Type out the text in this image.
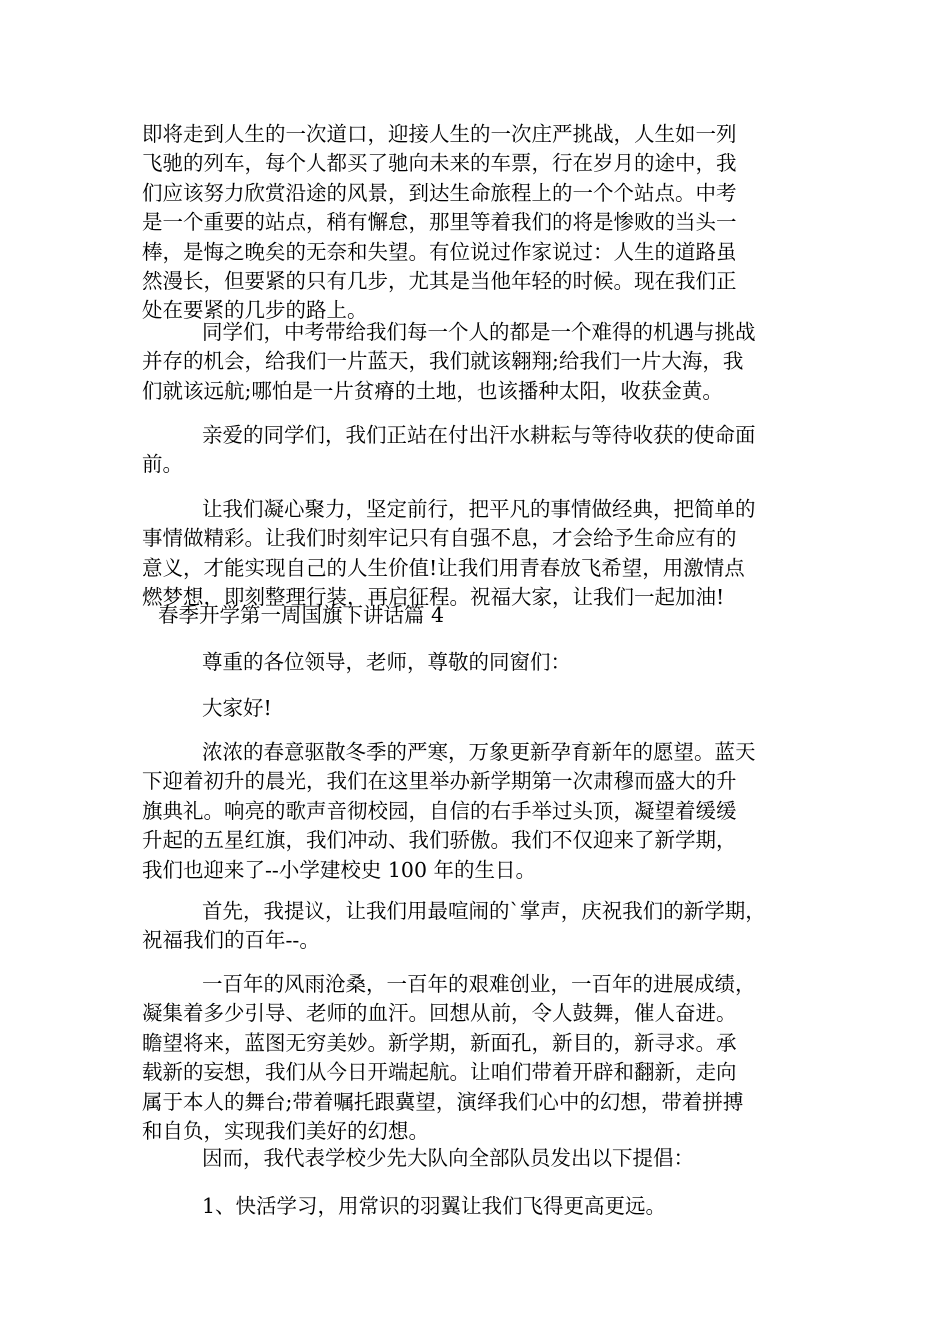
即将走到人生的一次道口，迎接人生的一次庄严挑战，人生如一列
飞驰的列车，每个人都买了驰向未来的车票，行在岁月的途中，我
们应该努力欣赏沿途的风景，到达生命旅程上的一个个站点。中考
是一个重要的站点，稍有懈怠，那里等着我们的将是惨败的当头一
棒，是悔之晚矣的无奈和失望。有位说过作家说过：人生的道路虽
然漫长，但要紧的只有几步，尤其是当他年轻的时候。现在我们正
处在要紧的几步的路上。
同学们，中考带给我们每一个人的都是一个难得的机遇与挑战
并存的机会，给我们一片蓝天，我们就该翱翔;给我们一片大海，我
们就该远航;哪怕是一片贫瘠的土地，也该播种太阳，收获金黄。
亲爱的同学们，我们正站在付出汗水耕耘与等待收获的使命面
前。
让我们凝心聚力，坚定前行，把平凡的事情做经典，把简单的
事情做精彩。让我们时刻牢记只有自强不息，才会给予生命应有的
意义，才能实现自己的人生价值!让我们用青春放飞希望，用激情点
燃梦想，即刻整理行装，再启征程。祝福大家，让我们一起加油!
春季开学第一周国旗下讲话篇 4
尊重的各位领导，老师，尊敬的同窗们：
大家好!
浓浓的春意驱散冬季的严寒，万象更新孕育新年的愿望。蓝天
下迎着初升的晨光，我们在这里举办新学期第一次肃穆而盛大的升
旗典礼。响亮的歌声音彻校园，自信的右手举过头顶，凝望着缓缓
升起的五星红旗，我们冲动、我们骄傲。我们不仅迎来了新学期，
我们也迎来了--小学建校史 100 年的生日。
首先，我提议，让我们用最喧闹的`掌声，庆祝我们的新学期，
祝福我们的百年--。
一百年的风雨沧桑，一百年的艰难创业，一百年的进展成绩，
凝集着多少引导、老师的血汗。回想从前，令人鼓舞，催人奋进。
瞻望将来，蓝图无穷美妙。新学期，新面孔，新目的，新寻求。承
载新的妄想，我们从今日开端起航。让咱们带着开辟和翻新，走向
属于本人的舞台;带着嘱托跟冀望，演绎我们心中的幻想，带着拼搏
和自负，实现我们美好的幻想。
因而，我代表学校少先大队向全部队员发出以下提倡：
1、快活学习，用常识的羽翼让我们飞得更高更远。
